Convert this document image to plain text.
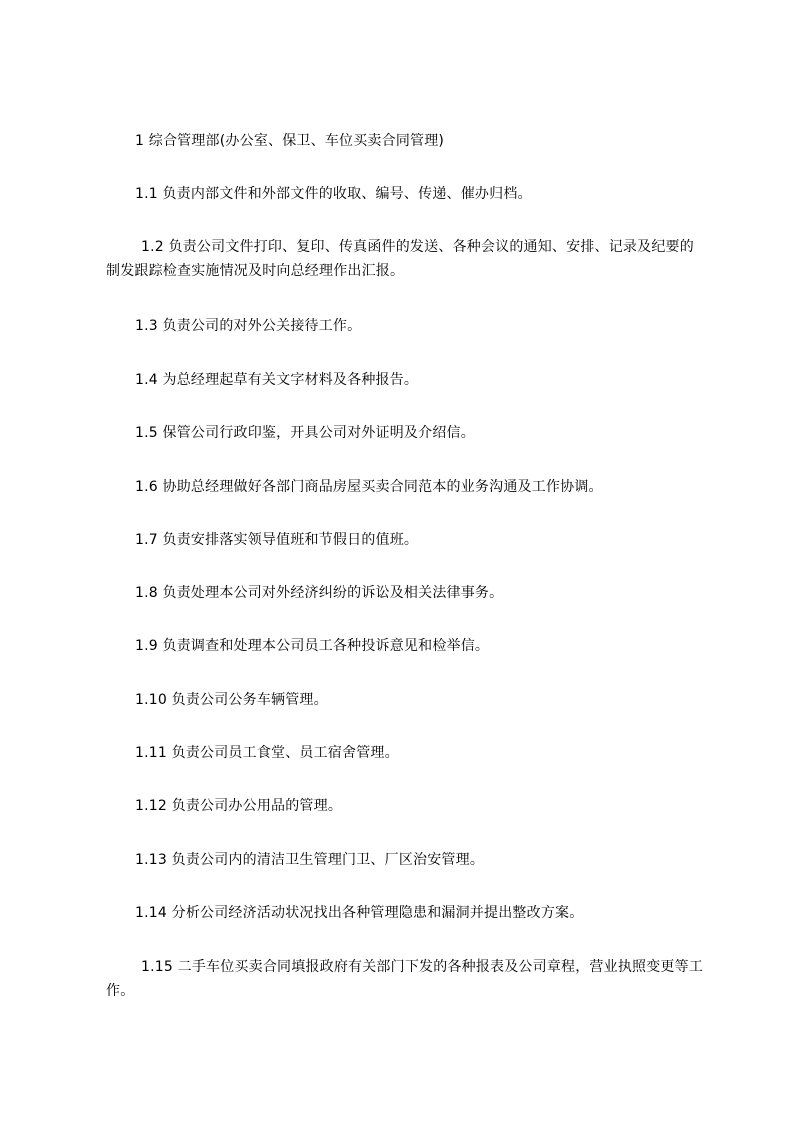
1 综合管理部(办公室、保卫、车位买卖合同管理)
1.1 负责内部文件和外部文件的收取、编号、传递、催办归档。
1.2 负责公司文件打印、复印、传真函件的发送、各种会议的通知、安排、记录及纪要的制发跟踪检查实施情况及时向总经理作出汇报。
1.3 负责公司的对外公关接待工作。
1.4 为总经理起草有关文字材料及各种报告。
1.5 保管公司行政印鉴，开具公司对外证明及介绍信。
1.6 协助总经理做好各部门商品房屋买卖合同范本的业务沟通及工作协调。
1.7 负责安排落实领导值班和节假日的值班。
1.8 负责处理本公司对外经济纠纷的诉讼及相关法律事务。
1.9 负责调查和处理本公司员工各种投诉意见和检举信。
1.10 负责公司公务车辆管理。
1.11 负责公司员工食堂、员工宿舍管理。
1.12 负责公司办公用品的管理。
1.13 负责公司内的清洁卫生管理门卫、厂区治安管理。
1.14 分析公司经济活动状况找出各种管理隐患和漏洞并提出整改方案。
1.15 二手车位买卖合同填报政府有关部门下发的各种报表及公司章程，营业执照变更等工作。
